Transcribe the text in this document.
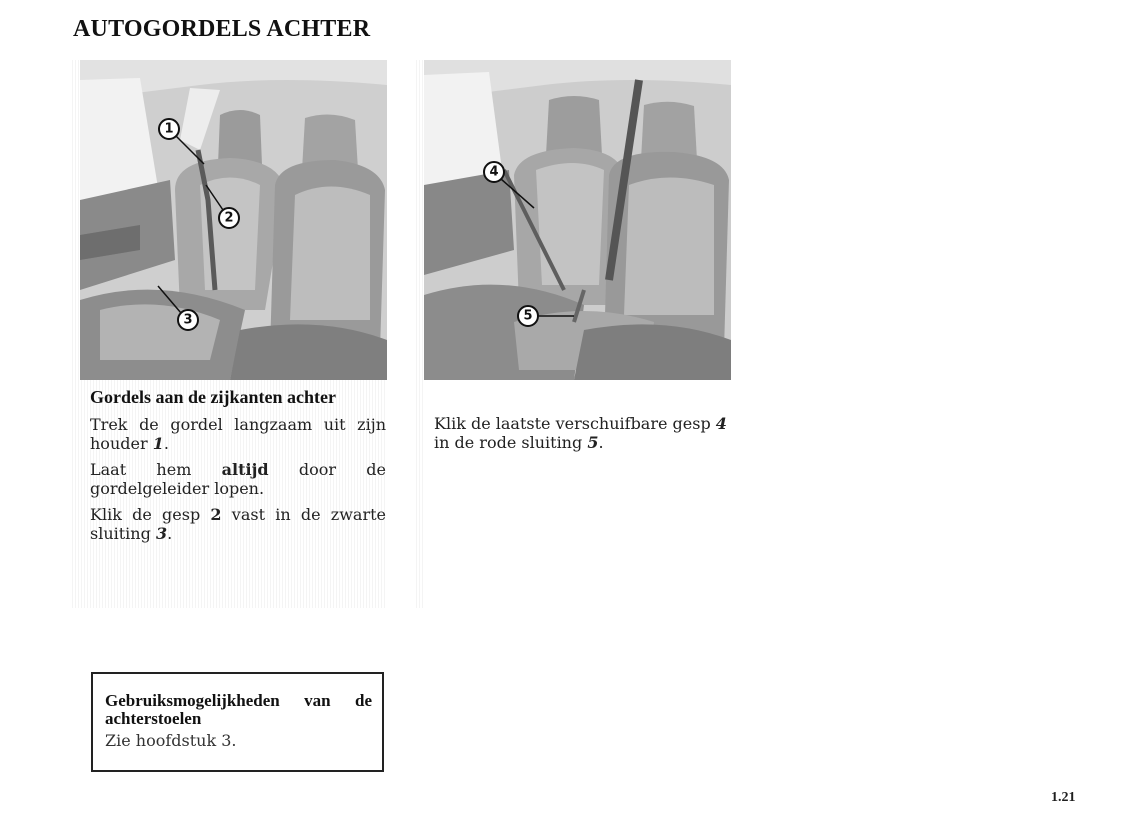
AUTOGORDELS ACHTER
1
2
3
4
5
Gordels aan de zijkanten achter

Trek de gordel langzaam uit zijn houder 1.

Laat hem altijd door de gordelgeleider lopen.

Klik de gesp 2 vast in de zwarte sluiting 3.

Klik de laatste verschuifbare gesp 4 in de rode sluiting 5.

Gebruiksmogelijkheden van de achterstoelen

Zie hoofdstuk 3.

1.21
